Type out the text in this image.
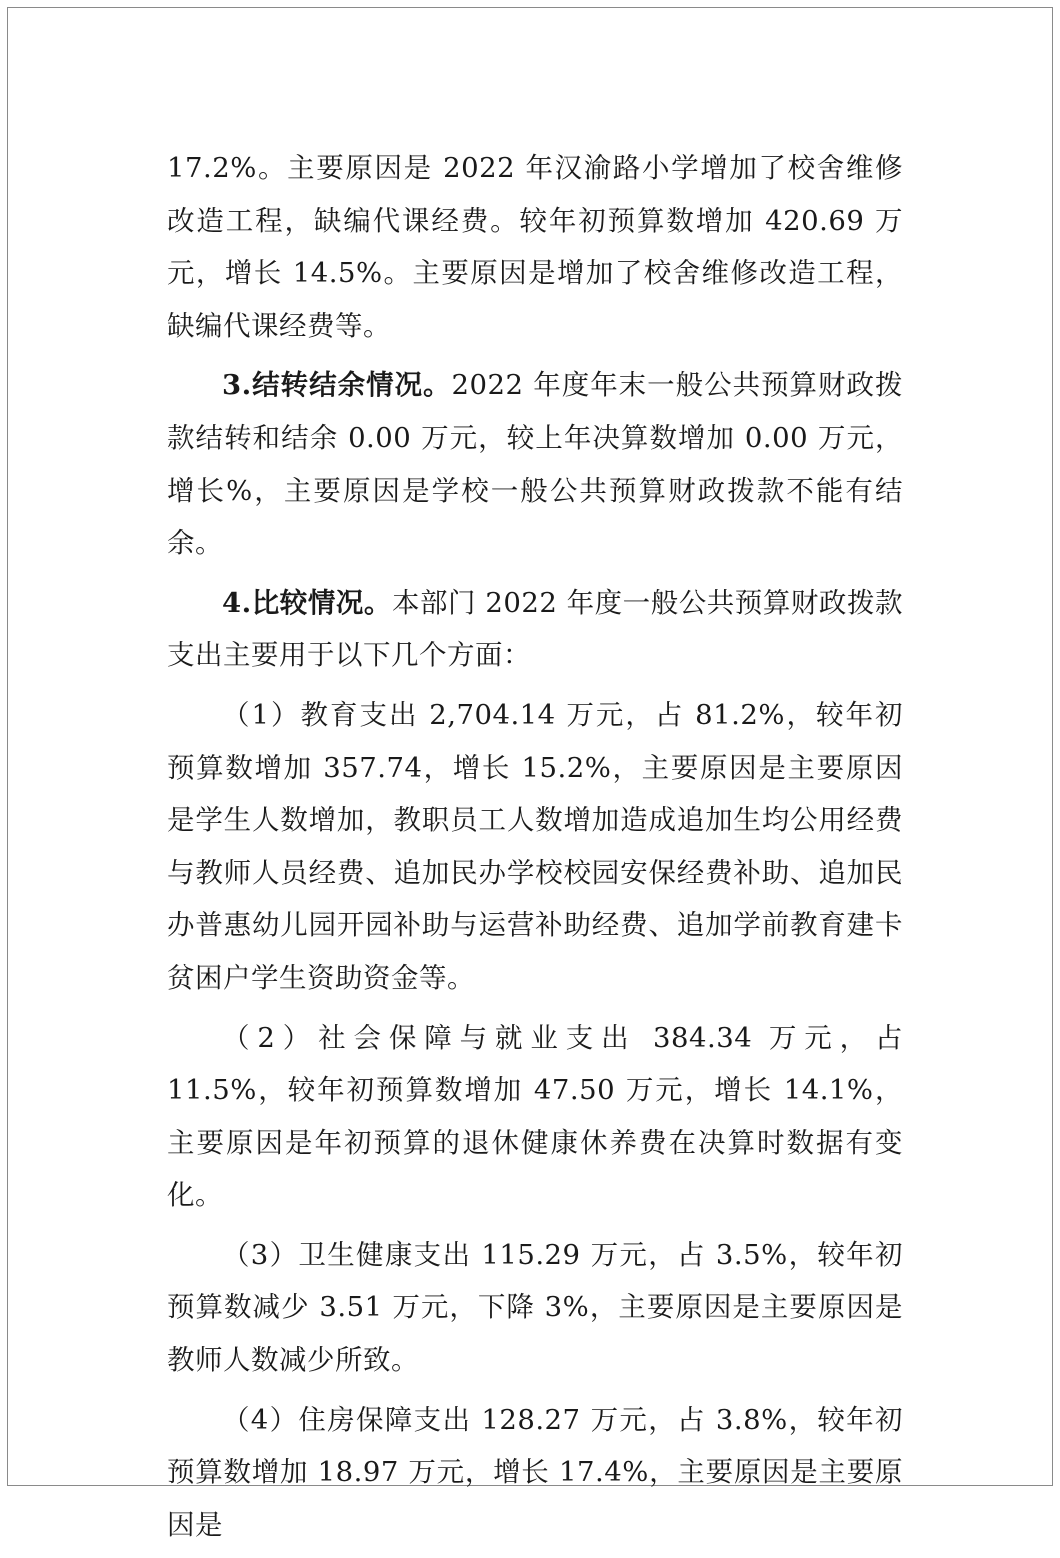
17.2%。主要原因是 2022 年汉渝路小学增加了校舍维修改造工程，缺编代课经费。较年初预算数增加 420.69 万元，增长 14.5%。主要原因是增加了校舍维修改造工程，缺编代课经费等。

3.结转结余情况。2022 年度年末一般公共预算财政拨款结转和结余 0.00 万元，较上年决算数增加 0.00 万元，增长%，主要原因是学校一般公共预算财政拨款不能有结余。

4.比较情况。本部门 2022 年度一般公共预算财政拨款支出主要用于以下几个方面：

（1）教育支出 2,704.14 万元，占 81.2%，较年初预算数增加 357.74，增长 15.2%，主要原因是主要原因是学生人数增加，教职员工人数增加造成追加生均公用经费与教师人员经费、追加民办学校校园安保经费补助、追加民办普惠幼儿园开园补助与运营补助经费、追加学前教育建卡贫困户学生资助资金等。

（2）社会保障与就业支出 384.34 万元，占 11.5%，较年初预算数增加 47.50 万元，增长 14.1%，主要原因是年初预算的退休健康休养费在决算时数据有变化。

（3）卫生健康支出 115.29 万元，占 3.5%，较年初预算数减少 3.51 万元，下降 3%，主要原因是主要原因是教师人数减少所致。

（4）住房保障支出 128.27 万元，占 3.8%，较年初预算数增加 18.97 万元，增长 17.4%，主要原因是主要原因是
